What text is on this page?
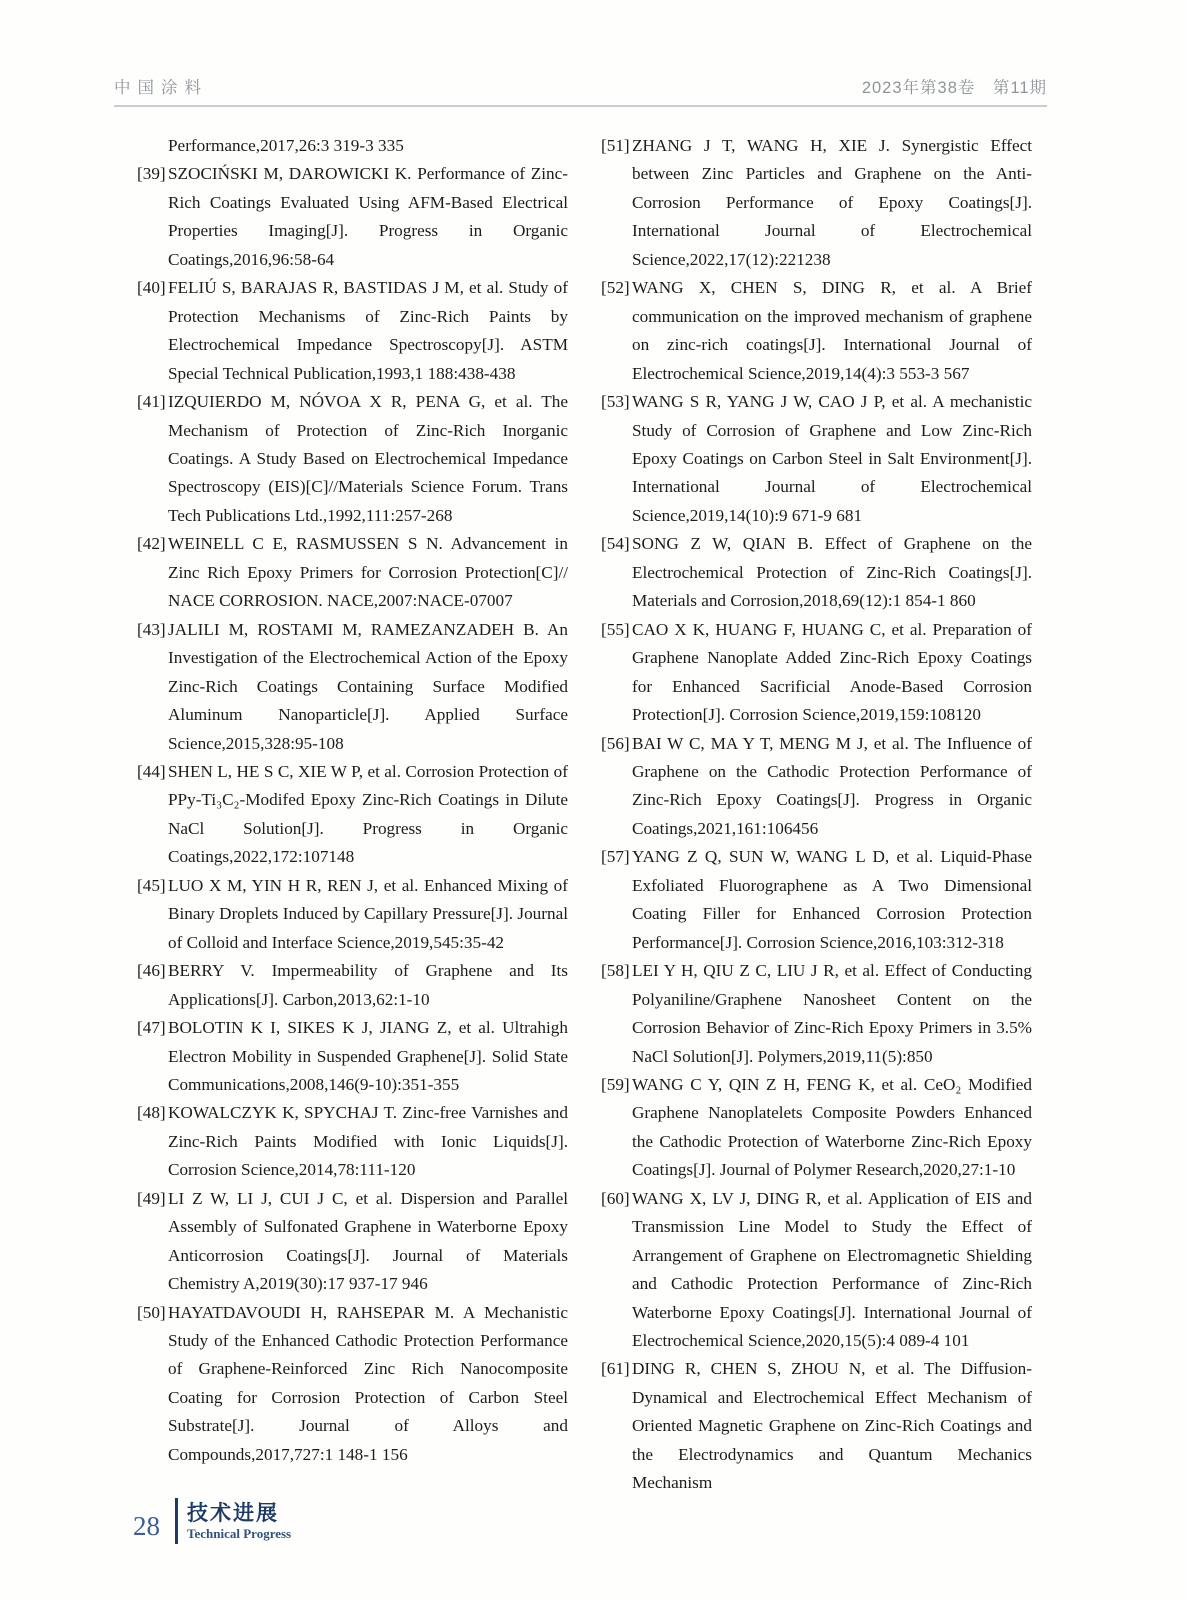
中国涂料	2023年第38卷　第11期

Performance,2017,26:3 319-3 335

[39] SZOCIŃSKI M, DAROWICKI K. Performance of Zinc-Rich Coatings Evaluated Using AFM-Based Electrical Properties Imaging[J]. Progress in Organic Coatings,2016,96:58-64

[40] FELIÚ S, BARAJAS R, BASTIDAS J M, et al. Study of Protection Mechanisms of Zinc-Rich Paints by Electrochemical Impedance Spectroscopy[J]. ASTM Special Technical Publication,1993,1 188:438-438

[41] IZQUIERDO M, NÓVOA X R, PENA G, et al. The Mechanism of Protection of Zinc-Rich Inorganic Coatings. A Study Based on Electrochemical Impedance Spectroscopy (EIS)[C]//Materials Science Forum. Trans Tech Publications Ltd.,1992,111:257-268

[42] WEINELL C E, RASMUSSEN S N. Advancement in Zinc Rich Epoxy Primers for Corrosion Protection[C]// NACE CORROSION. NACE,2007:NACE-07007

[43] JALILI M, ROSTAMI M, RAMEZANZADEH B. An Investigation of the Electrochemical Action of the Epoxy Zinc-Rich Coatings Containing Surface Modified Aluminum Nanoparticle[J]. Applied Surface Science,2015,328:95-108

[44] SHEN L, HE S C, XIE W P, et al. Corrosion Protection of PPy-Ti₃C₂-Modifed Epoxy Zinc-Rich Coatings in Dilute NaCl Solution[J]. Progress in Organic Coatings,2022,172:107148

[45] LUO X M, YIN H R, REN J, et al. Enhanced Mixing of Binary Droplets Induced by Capillary Pressure[J]. Journal of Colloid and Interface Science,2019,545:35-42

[46] BERRY V. Impermeability of Graphene and Its Applications[J]. Carbon,2013,62:1-10

[47] BOLOTIN K I, SIKES K J, JIANG Z, et al. Ultrahigh Electron Mobility in Suspended Graphene[J]. Solid State Communications,2008,146(9-10):351-355

[48] KOWALCZYK K, SPYCHAJ T. Zinc-free Varnishes and Zinc-Rich Paints Modified with Ionic Liquids[J]. Corrosion Science,2014,78:111-120

[49] LI Z W, LI J, CUI J C, et al. Dispersion and Parallel Assembly of Sulfonated Graphene in Waterborne Epoxy Anticorrosion Coatings[J]. Journal of Materials Chemistry A,2019(30):17 937-17 946

[50] HAYATDAVOUDI H, RAHSEPAR M. A Mechanistic Study of the Enhanced Cathodic Protection Performance of Graphene-Reinforced Zinc Rich Nanocomposite Coating for Corrosion Protection of Carbon Steel Substrate[J]. Journal of Alloys and Compounds,2017,727:1 148-1 156

[51] ZHANG J T, WANG H, XIE J. Synergistic Effect between Zinc Particles and Graphene on the Anti-Corrosion Performance of Epoxy Coatings[J]. International Journal of Electrochemical Science,2022,17(12):221238

[52] WANG X, CHEN S, DING R, et al. A Brief communication on the improved mechanism of graphene on zinc-rich coatings[J]. International Journal of Electrochemical Science,2019,14(4):3 553-3 567

[53] WANG S R, YANG J W, CAO J P, et al. A mechanistic Study of Corrosion of Graphene and Low Zinc-Rich Epoxy Coatings on Carbon Steel in Salt Environment[J]. International Journal of Electrochemical Science,2019,14(10):9 671-9 681

[54] SONG Z W, QIAN B. Effect of Graphene on the Electrochemical Protection of Zinc-Rich Coatings[J]. Materials and Corrosion,2018,69(12):1 854-1 860

[55] CAO X K, HUANG F, HUANG C, et al. Preparation of Graphene Nanoplate Added Zinc-Rich Epoxy Coatings for Enhanced Sacrificial Anode-Based Corrosion Protection[J]. Corrosion Science,2019,159:108120

[56] BAI W C, MA Y T, MENG M J, et al. The Influence of Graphene on the Cathodic Protection Performance of Zinc-Rich Epoxy Coatings[J]. Progress in Organic Coatings,2021,161:106456

[57] YANG Z Q, SUN W, WANG L D, et al. Liquid-Phase Exfoliated Fluorographene as A Two Dimensional Coating Filler for Enhanced Corrosion Protection Performance[J]. Corrosion Science,2016,103:312-318

[58] LEI Y H, QIU Z C, LIU J R, et al. Effect of Conducting Polyaniline/Graphene Nanosheet Content on the Corrosion Behavior of Zinc-Rich Epoxy Primers in 3.5% NaCl Solution[J]. Polymers,2019,11(5):850

[59] WANG C Y, QIN Z H, FENG K, et al. CeO₂ Modified Graphene Nanoplatelets Composite Powders Enhanced the Cathodic Protection of Waterborne Zinc-Rich Epoxy Coatings[J]. Journal of Polymer Research,2020,27:1-10

[60] WANG X, LV J, DING R, et al. Application of EIS and Transmission Line Model to Study the Effect of Arrangement of Graphene on Electromagnetic Shielding and Cathodic Protection Performance of Zinc-Rich Waterborne Epoxy Coatings[J]. International Journal of Electrochemical Science,2020,15(5):4 089-4 101

[61] DING R, CHEN S, ZHOU N, et al. The Diffusion-Dynamical and Electrochemical Effect Mechanism of Oriented Magnetic Graphene on Zinc-Rich Coatings and the Electrodynamics and Quantum Mechanics Mechanism

28 技术进展
Technical Progress
